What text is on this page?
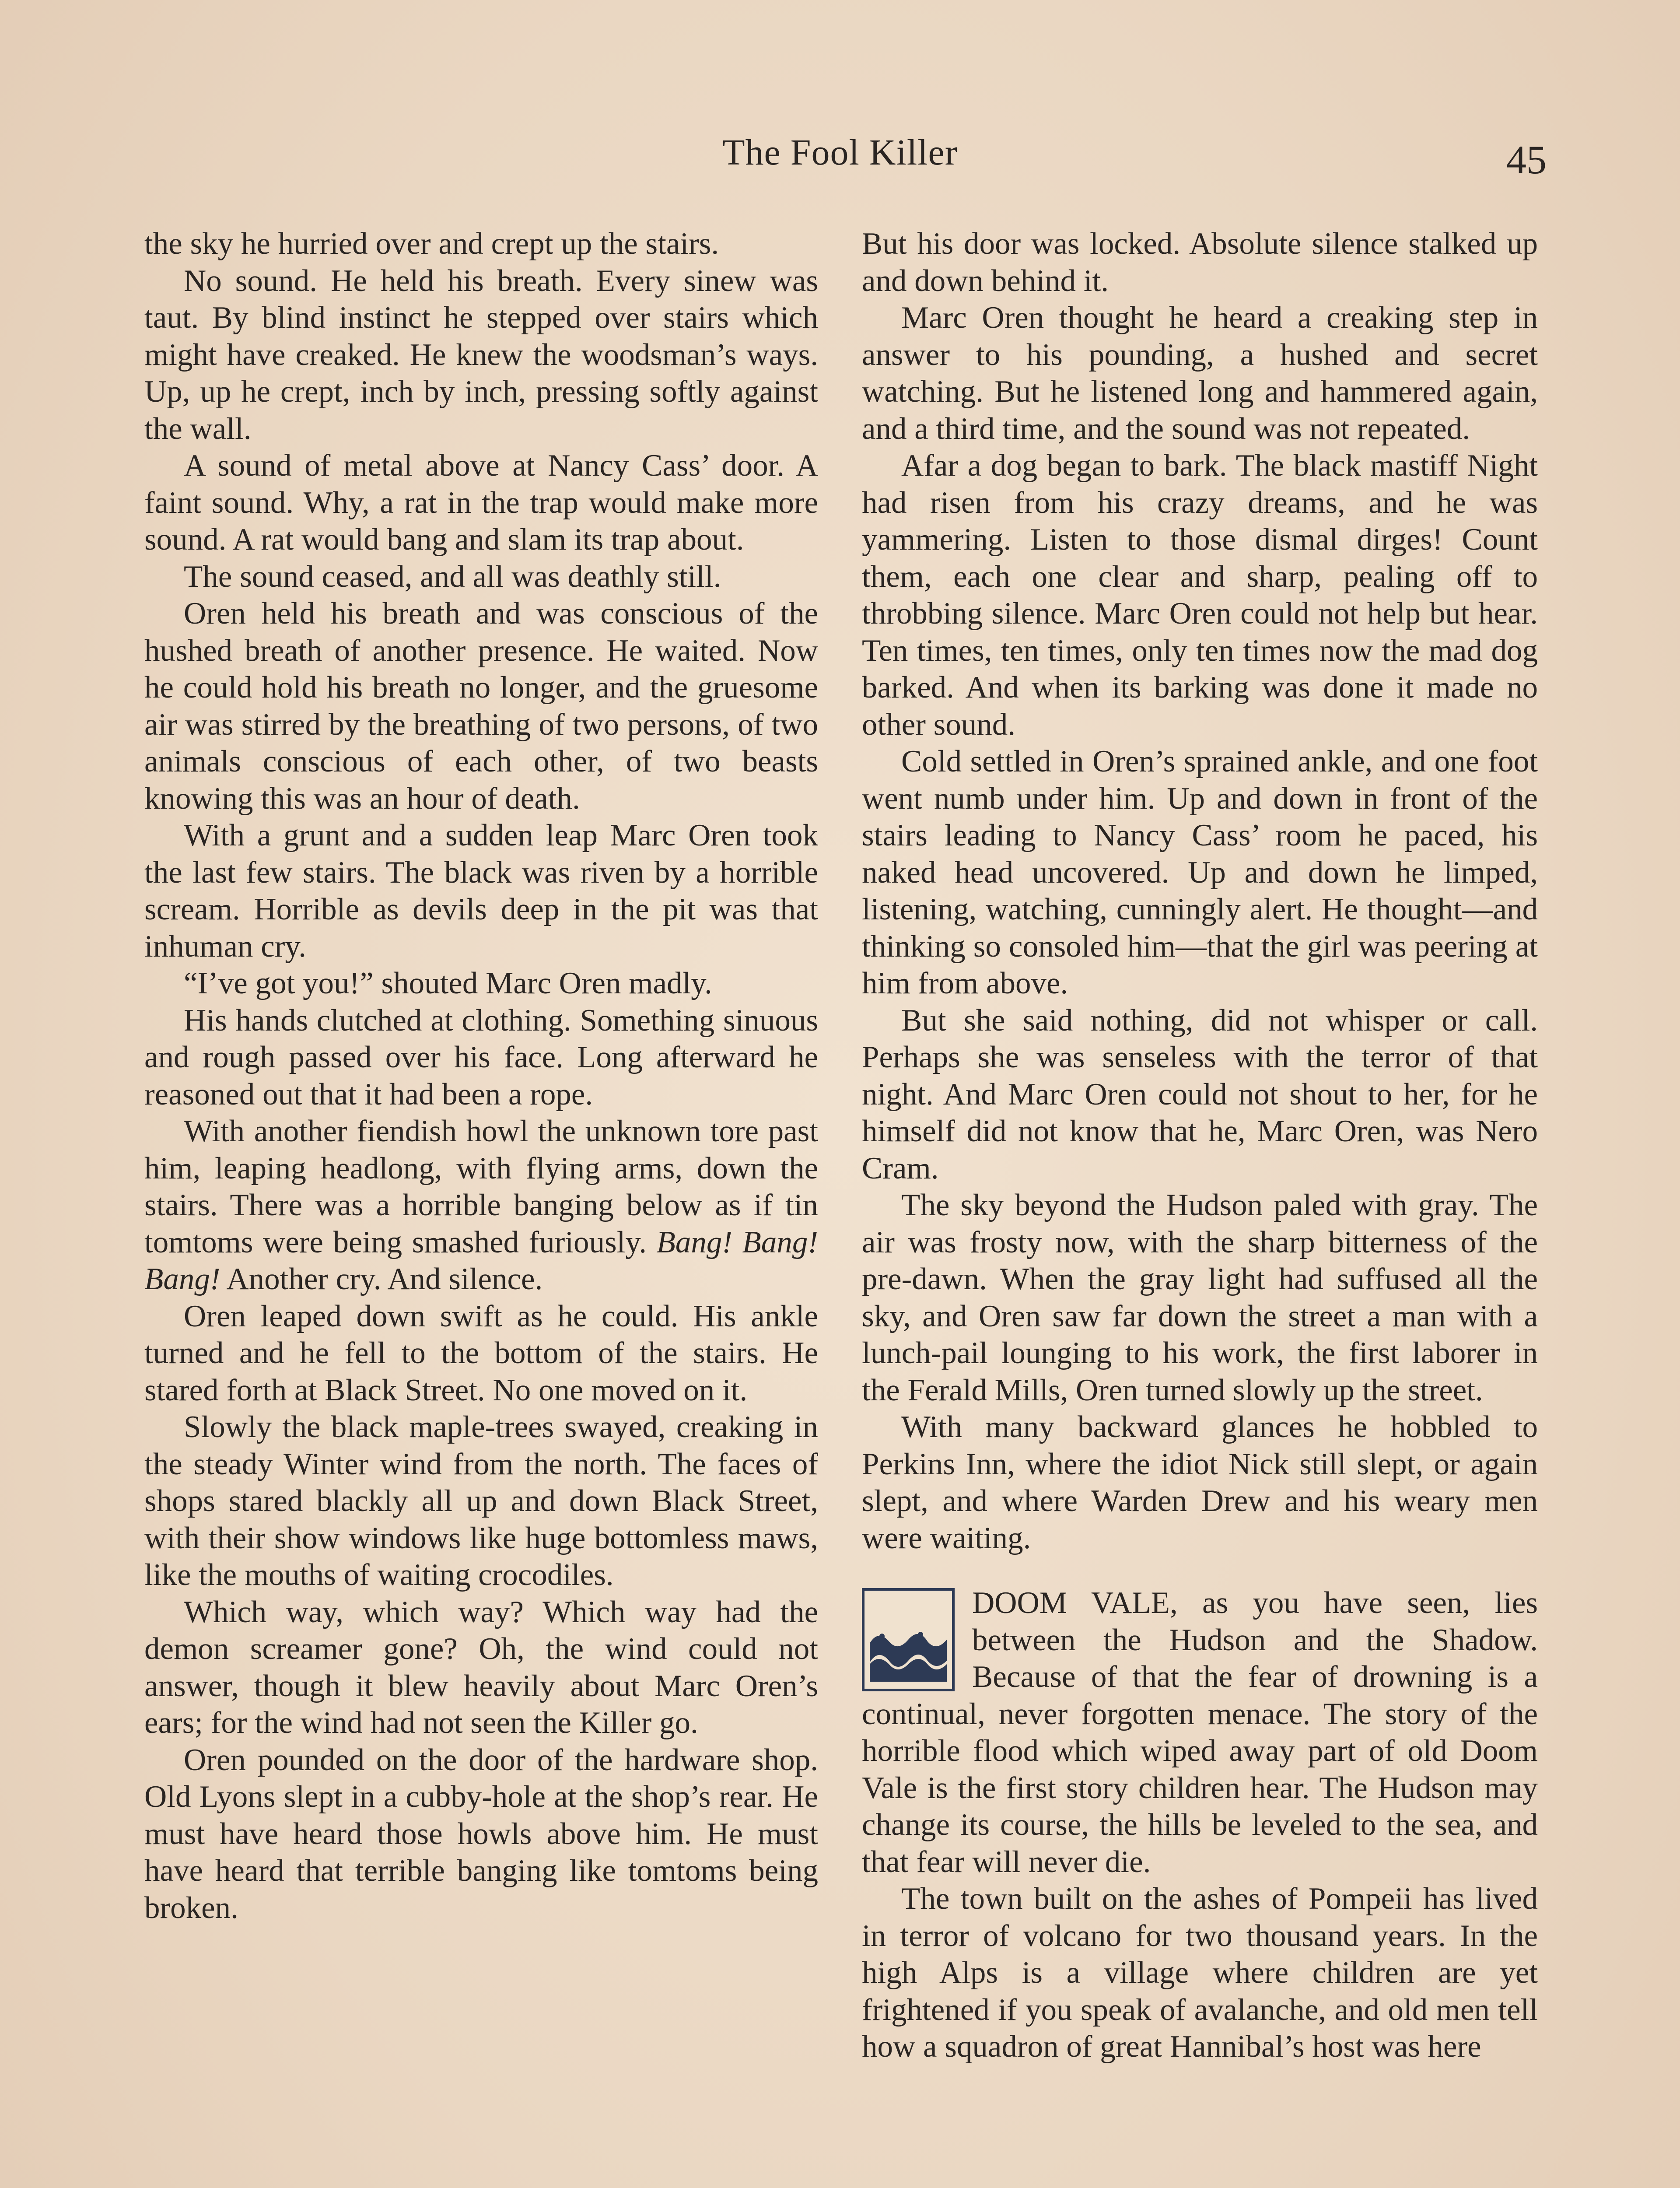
The Fool Killer	45

the sky he hurried over and crept up the stairs.

No sound. He held his breath. Every sinew was taut. By blind instinct he stepped over stairs which might have creaked. He knew the woodsman’s ways. Up, up he crept, inch by inch, pressing softly against the wall.

A sound of metal above at Nancy Cass’ door. A faint sound. Why, a rat in the trap would make more sound. A rat would bang and slam its trap about.

The sound ceased, and all was deathly still.

Oren held his breath and was conscious of the hushed breath of another presence. He waited. Now he could hold his breath no longer, and the gruesome air was stirred by the breathing of two persons, of two animals conscious of each other, of two beasts knowing this was an hour of death.

With a grunt and a sudden leap Marc Oren took the last few stairs. The black was riven by a horrible scream. Horrible as devils deep in the pit was that inhuman cry.

“I’ve got you!” shouted Marc Oren madly.

His hands clutched at clothing. Something sinuous and rough passed over his face. Long afterward he reasoned out that it had been a rope.

With another fiendish howl the unknown tore past him, leaping headlong, with flying arms, down the stairs. There was a horrible banging below as if tin tomtoms were being smashed furiously. Bang! Bang! Bang! Another cry. And silence.

Oren leaped down swift as he could. His ankle turned and he fell to the bottom of the stairs. He stared forth at Black Street. No one moved on it.

Slowly the black maple-trees swayed, creaking in the steady Winter wind from the north. The faces of shops stared blackly all up and down Black Street, with their show windows like huge bottomless maws, like the mouths of waiting crocodiles.

Which way, which way? Which way had the demon screamer gone? Oh, the wind could not answer, though it blew heavily about Marc Oren’s ears; for the wind had not seen the Killer go.

Oren pounded on the door of the hardware shop. Old Lyons slept in a cubby-hole at the shop’s rear. He must have heard those howls above him. He must have heard that terrible banging like tomtoms being broken.

But his door was locked. Absolute silence stalked up and down behind it.

Marc Oren thought he heard a creaking step in answer to his pounding, a hushed and secret watching. But he listened long and hammered again, and a third time, and the sound was not repeated.

Afar a dog began to bark. The black mastiff Night had risen from his crazy dreams, and he was yammering. Listen to those dismal dirges! Count them, each one clear and sharp, pealing off to throbbing silence. Marc Oren could not help but hear. Ten times, ten times, only ten times now the mad dog barked. And when its barking was done it made no other sound.

Cold settled in Oren’s sprained ankle, and one foot went numb under him. Up and down in front of the stairs leading to Nancy Cass’ room he paced, his naked head uncovered. Up and down he limped, listening, watching, cunningly alert. He thought—and thinking so consoled him—that the girl was peering at him from above.

But she said nothing, did not whisper or call. Perhaps she was senseless with the terror of that night. And Marc Oren could not shout to her, for he himself did not know that he, Marc Oren, was Nero Cram.

The sky beyond the Hudson paled with gray. The air was frosty now, with the sharp bitterness of the pre-dawn. When the gray light had suffused all the sky, and Oren saw far down the street a man with a lunch-pail lounging to his work, the first laborer in the Ferald Mills, Oren turned slowly up the street.

With many backward glances he hobbled to Perkins Inn, where the idiot Nick still slept, or again slept, and where Warden Drew and his weary men were waiting.

DOOM VALE, as you have seen, lies between the Hudson and the Shadow. Because of that the fear of drowning is a continual, never forgotten menace. The story of the horrible flood which wiped away part of old Doom Vale is the first story children hear. The Hudson may change its course, the hills be leveled to the sea, and that fear will never die.

The town built on the ashes of Pompeii has lived in terror of volcano for two thousand years. In the high Alps is a village where children are yet frightened if you speak of avalanche, and old men tell how a squadron of great Hannibal’s host was here
